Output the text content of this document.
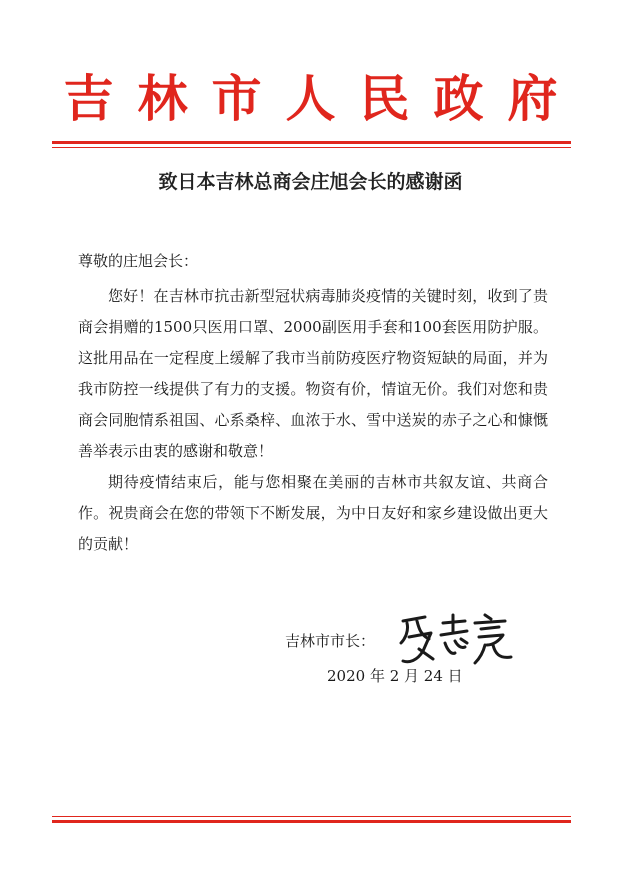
吉林市人民政府
致日本吉林总商会庄旭会长的感谢函
尊敬的庄旭会长：

您好！在吉林市抗击新型冠状病毒肺炎疫情的关键时刻，收到了贵商会捐赠的1500只医用口罩、2000副医用手套和100套医用防护服。这批用品在一定程度上缓解了我市当前防疫医疗物资短缺的局面，并为我市防控一线提供了有力的支援。物资有价，情谊无价。我们对您和贵商会同胞情系祖国、心系桑梓、血浓于水、雪中送炭的赤子之心和慷慨善举表示由衷的感谢和敬意！

期待疫情结束后，能与您相聚在美丽的吉林市共叙友谊、共商合作。祝贵商会在您的带领下不断发展，为中日友好和家乡建设做出更大的贡献！

吉林市市长：
2020 年 2 月 24 日
